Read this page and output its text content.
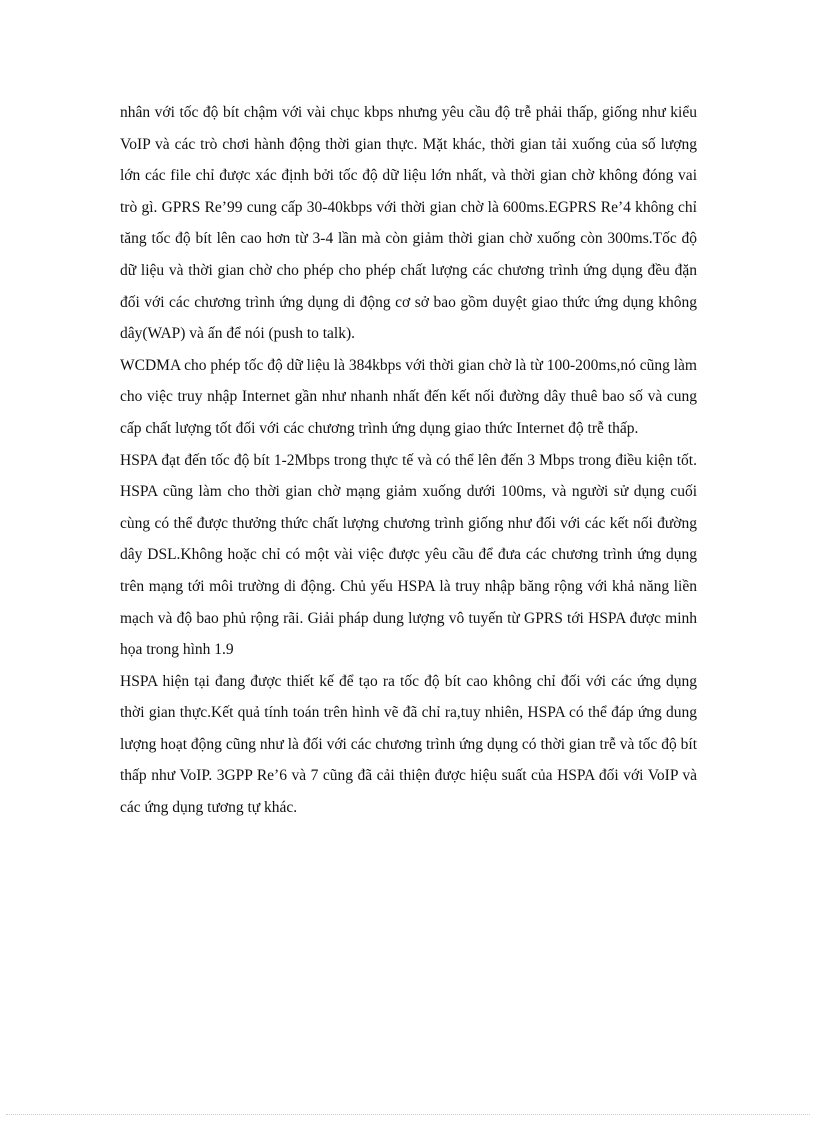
nhân với tốc độ bít chậm với vài chục kbps nhưng yêu cầu độ trễ phải thấp, giống như kiểu VoIP và các trò chơi hành động thời gian thực. Mặt khác, thời gian tải xuống của số lượng lớn các file chỉ được xác định bởi tốc độ dữ liệu lớn nhất, và thời gian chờ không đóng vai trò gì. GPRS Re’99 cung cấp 30-40kbps với thời gian chờ là 600ms.EGPRS Re’4 không chỉ tăng tốc độ bít lên cao hơn từ 3-4 lần mà còn giảm thời gian chờ xuống còn 300ms.Tốc độ dữ liệu và thời gian chờ cho phép cho phép chất lượng các chương trình ứng dụng đều đặn đối với các chương trình ứng dụng di động cơ sở bao gồm duyệt giao thức ứng dụng không dây(WAP) và ấn để nói (push to talk).

WCDMA cho phép tốc độ dữ liệu là 384kbps với thời gian chờ là từ 100-200ms,nó cũng làm cho việc truy nhập Internet gần như nhanh nhất đến kết nối đường dây thuê bao số và cung cấp chất lượng tốt đối với các chương trình ứng dụng giao thức Internet độ trễ thấp.

HSPA đạt đến tốc độ bít 1-2Mbps trong thực tế và có thể lên đến 3 Mbps trong điều kiện tốt. HSPA cũng làm cho thời gian chờ mạng giảm xuống dưới 100ms, và người sử dụng cuối cùng có thể được thưởng thức chất lượng chương trình giống như đối với các kết nối đường dây DSL.Không hoặc chỉ có một vài việc được yêu cầu để đưa các chương trình ứng dụng trên mạng tới môi trường di động. Chủ yếu HSPA là truy nhập băng rộng với khả năng liền mạch và độ bao phủ rộng rãi. Giải pháp dung lượng vô tuyến từ GPRS tới HSPA được minh họa trong hình 1.9

HSPA hiện tại đang được thiết kế để tạo ra tốc độ bít cao không chỉ đối với các ứng dụng thời gian thực.Kết quả tính toán trên hình vẽ đã chỉ ra,tuy nhiên, HSPA có thể đáp ứng dung lượng hoạt động cũng như là đối với các chương trình ứng dụng có thời gian trễ và tốc độ bít thấp như VoIP. 3GPP Re’6 và 7 cũng đã cải thiện được hiệu suất của HSPA đối với VoIP và các ứng dụng tương tự khác.
